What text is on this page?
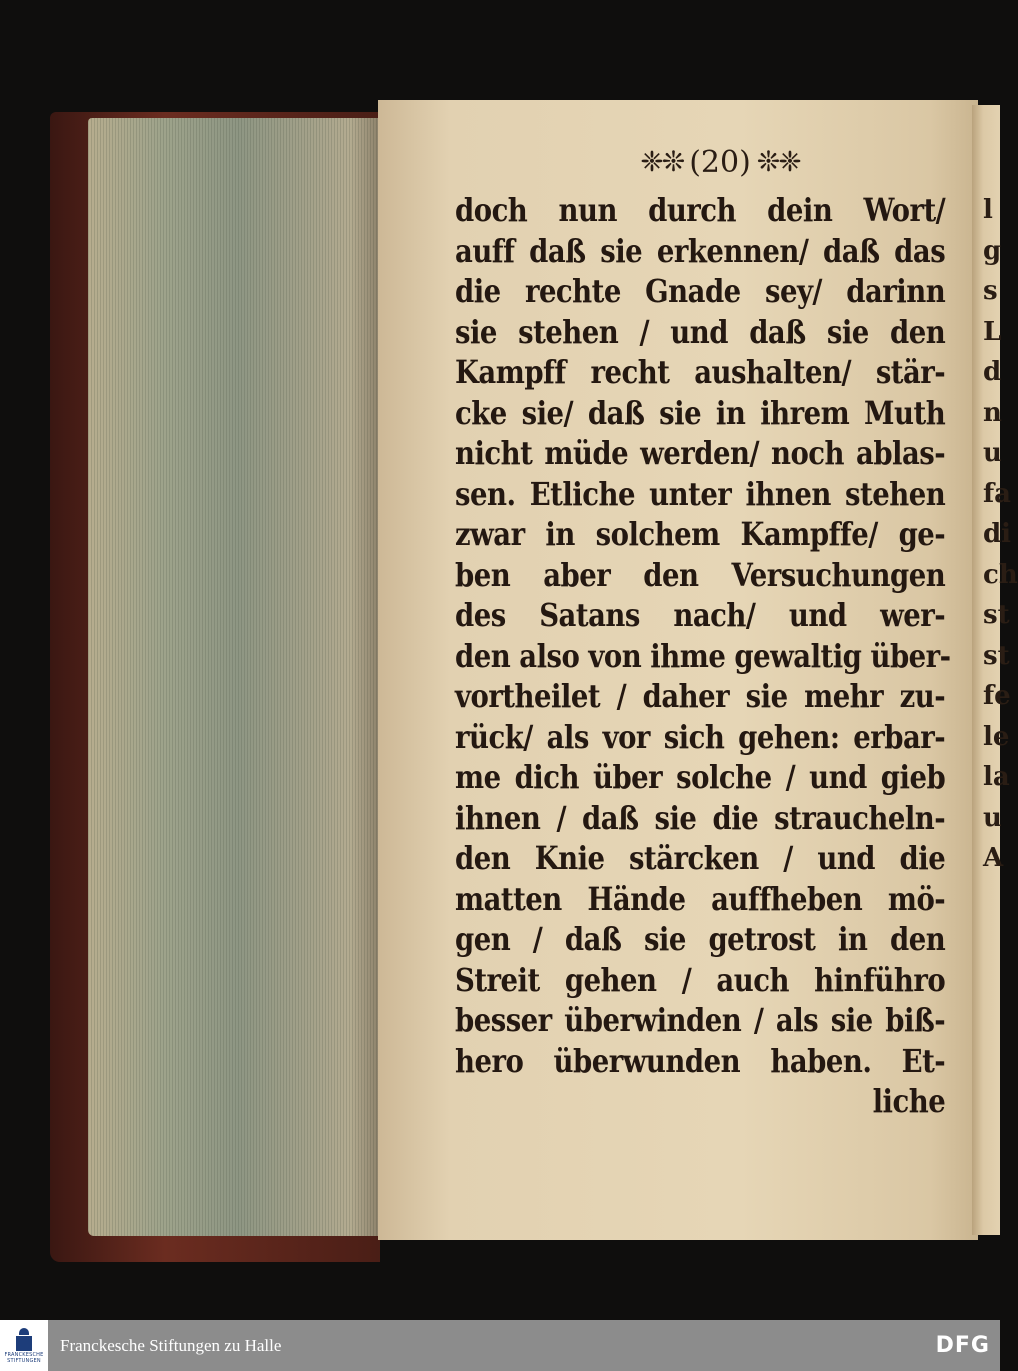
l
g
s
L
d
n
u
fa
di
ch
st
st
fe
le
la
u
A
❈❊ (20) ❊❈
doch nun durch dein Wort/
auff daß sie erkennen/ daß das
die rechte Gnade sey/ darinn
sie stehen / und daß sie den
Kampff recht aushalten/ stär-
cke sie/ daß sie in ihrem Muth
nicht müde werden/ noch ablas-
sen. Etliche unter ihnen stehen
zwar in solchem Kampffe/ ge-
ben aber den Versuchungen
des Satans nach/ und wer-
den also von ihme gewaltig über-
vortheilet / daher sie mehr zu-
rück/ als vor sich gehen: erbar-
me dich über solche / und gieb
ihnen / daß sie die straucheln-
den Knie stärcken / und die
matten Hände auffheben mö-
gen / daß sie getrost in den
Streit gehen / auch hinführo
besser überwinden / als sie biß-
hero überwunden haben. Et-
liche
FRANCKESCHE
STIFTUNGEN
Franckesche Stiftungen zu Halle	DFG
